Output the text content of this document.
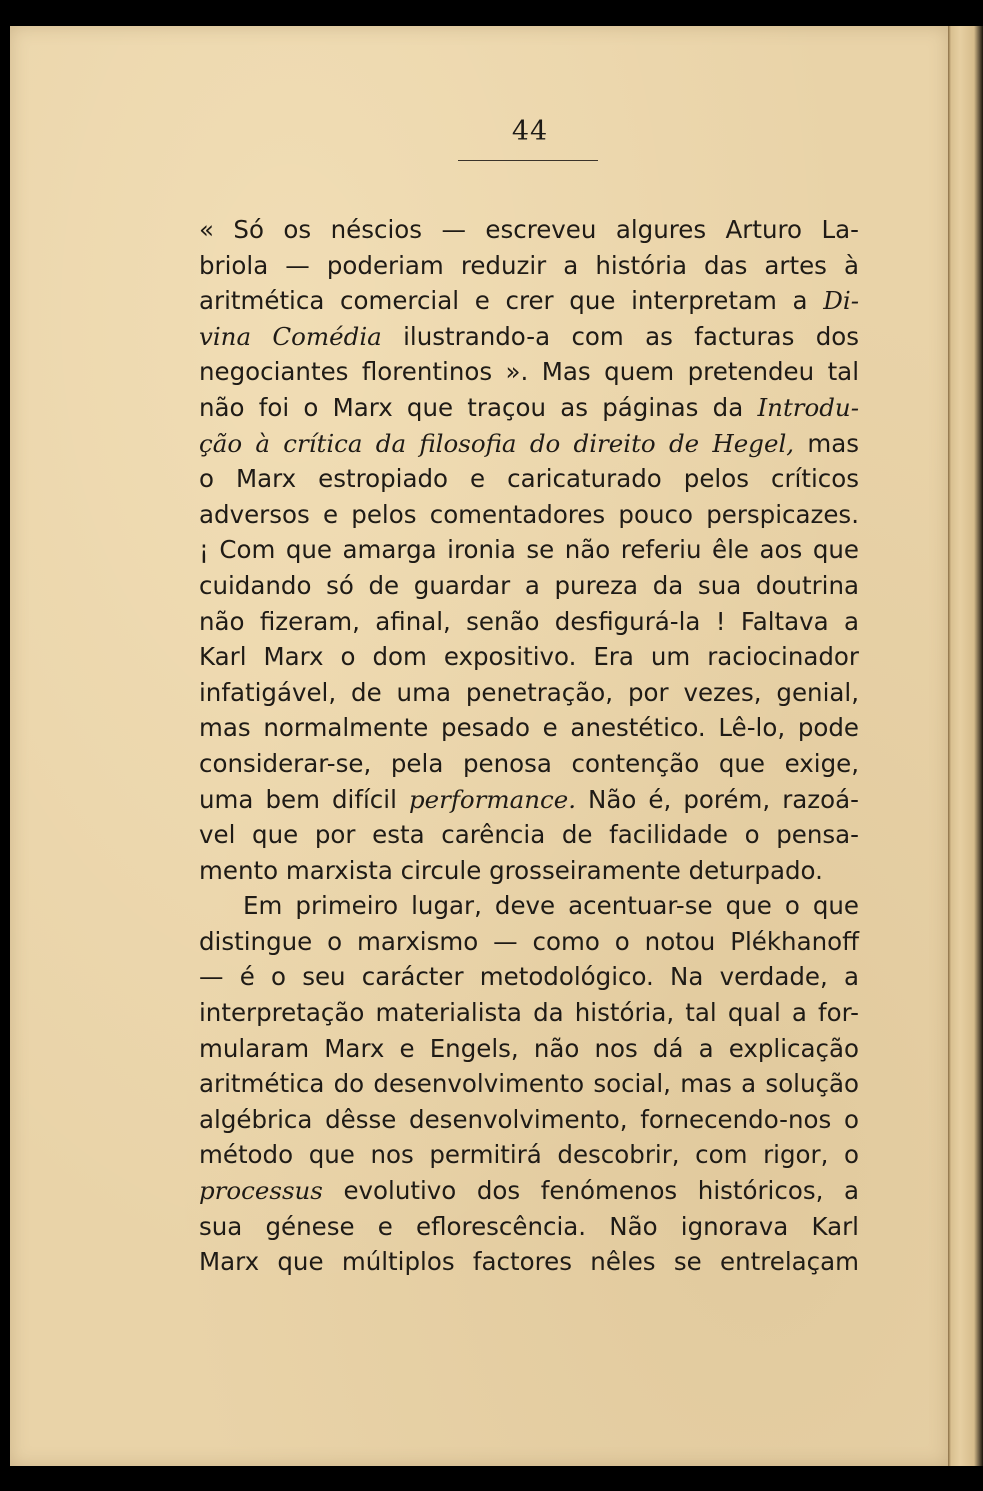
44
« Só os néscios — escreveu algures Arturo La-
briola — poderiam reduzir a história das artes à
aritmética comercial e crer que interpretam a Di-
vina Comédia ilustrando-a com as facturas dos
negociantes florentinos ». Mas quem pretendeu tal
não foi o Marx que traçou as páginas da Introdu-
ção à crítica da filosofia do direito de Hegel, mas
o Marx estropiado e caricaturado pelos críticos
adversos e pelos comentadores pouco perspicazes.
¡ Com que amarga ironia se não referiu êle aos que
cuidando só de guardar a pureza da sua doutrina
não fizeram, afinal, senão desfigurá-la ! Faltava a
Karl Marx o dom expositivo. Era um raciocinador
infatigável, de uma penetração, por vezes, genial,
mas normalmente pesado e anestético. Lê-lo, pode
considerar-se, pela penosa contenção que exige,
uma bem difícil performance. Não é, porém, razoá-
vel que por esta carência de facilidade o pensa-
mento marxista circule grosseiramente deturpado.
Em primeiro lugar, deve acentuar-se que o que
distingue o marxismo — como o notou Plékhanoff
— é o seu carácter metodológico. Na verdade, a
interpretação materialista da história, tal qual a for-
mularam Marx e Engels, não nos dá a explicação
aritmética do desenvolvimento social, mas a solução
algébrica dêsse desenvolvimento, fornecendo-nos o
método que nos permitirá descobrir, com rigor, o
processus evolutivo dos fenómenos históricos, a
sua génese e eflorescência. Não ignorava Karl
Marx que múltiplos factores nêles se entrelaçam
